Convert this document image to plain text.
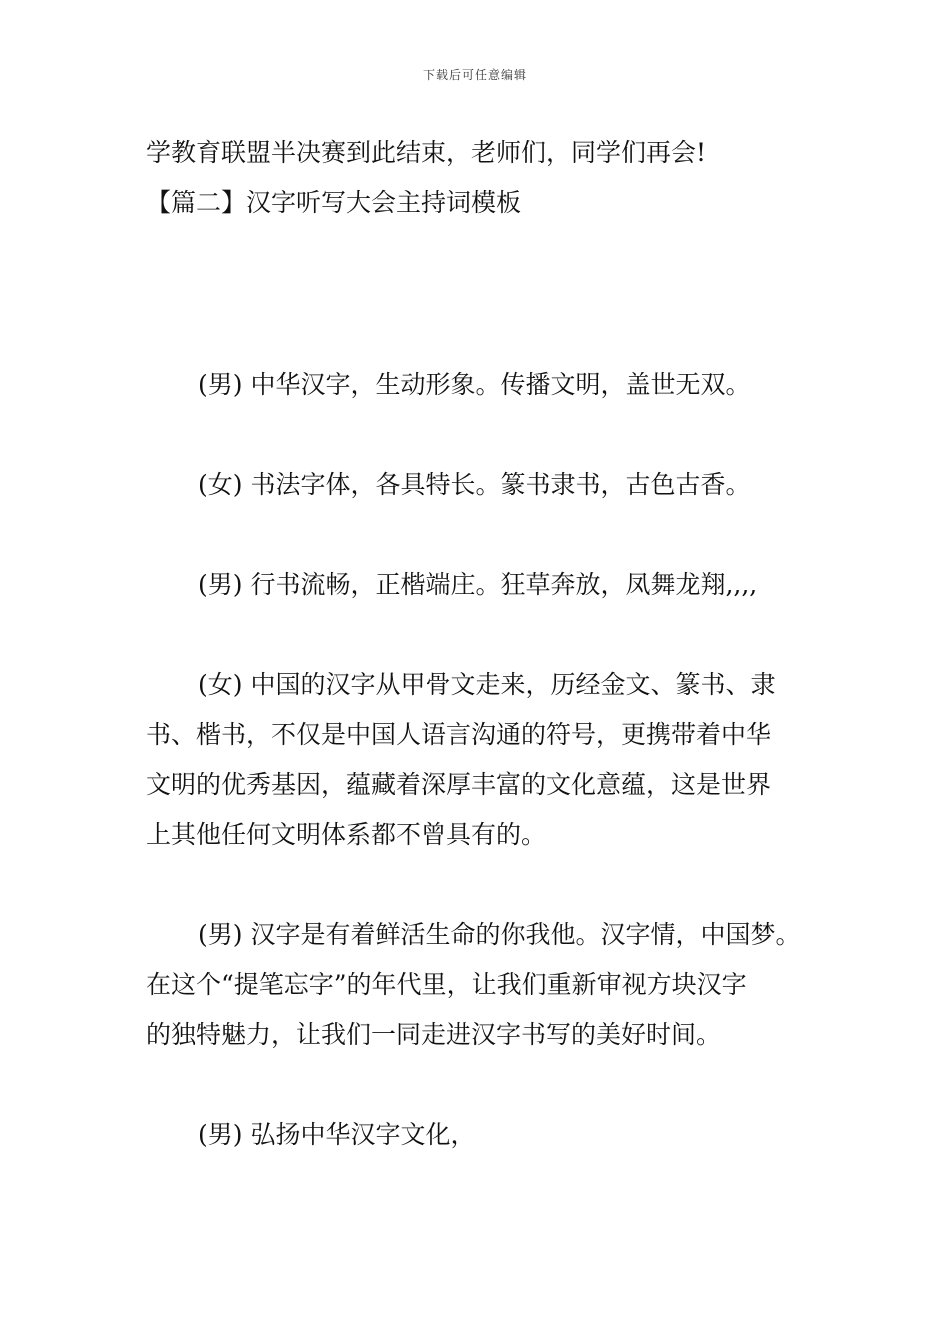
下载后可任意编辑
学教育联盟半决赛到此结束，老师们，同学们再会!
【篇二】汉字听写大会主持词模板
(男) 中华汉字，生动形象。传播文明，盖世无双。
(女) 书法字体，各具特长。篆书隶书，古色古香。
(男) 行书流畅，正楷端庄。狂草奔放，凤舞龙翔,,,,
(女) 中国的汉字从甲骨文走来，历经金文、篆书、隶
书、楷书，不仅是中国人语言沟通的符号，更携带着中华
文明的优秀基因，蕴藏着深厚丰富的文化意蕴，这是世界
上其他任何文明体系都不曾具有的。
(男) 汉字是有着鲜活生命的你我他。汉字情，中国梦。
在这个“提笔忘字”的年代里，让我们重新审视方块汉字
的独特魅力，让我们一同走进汉字书写的美好时间。
(男) 弘扬中华汉字文化，
